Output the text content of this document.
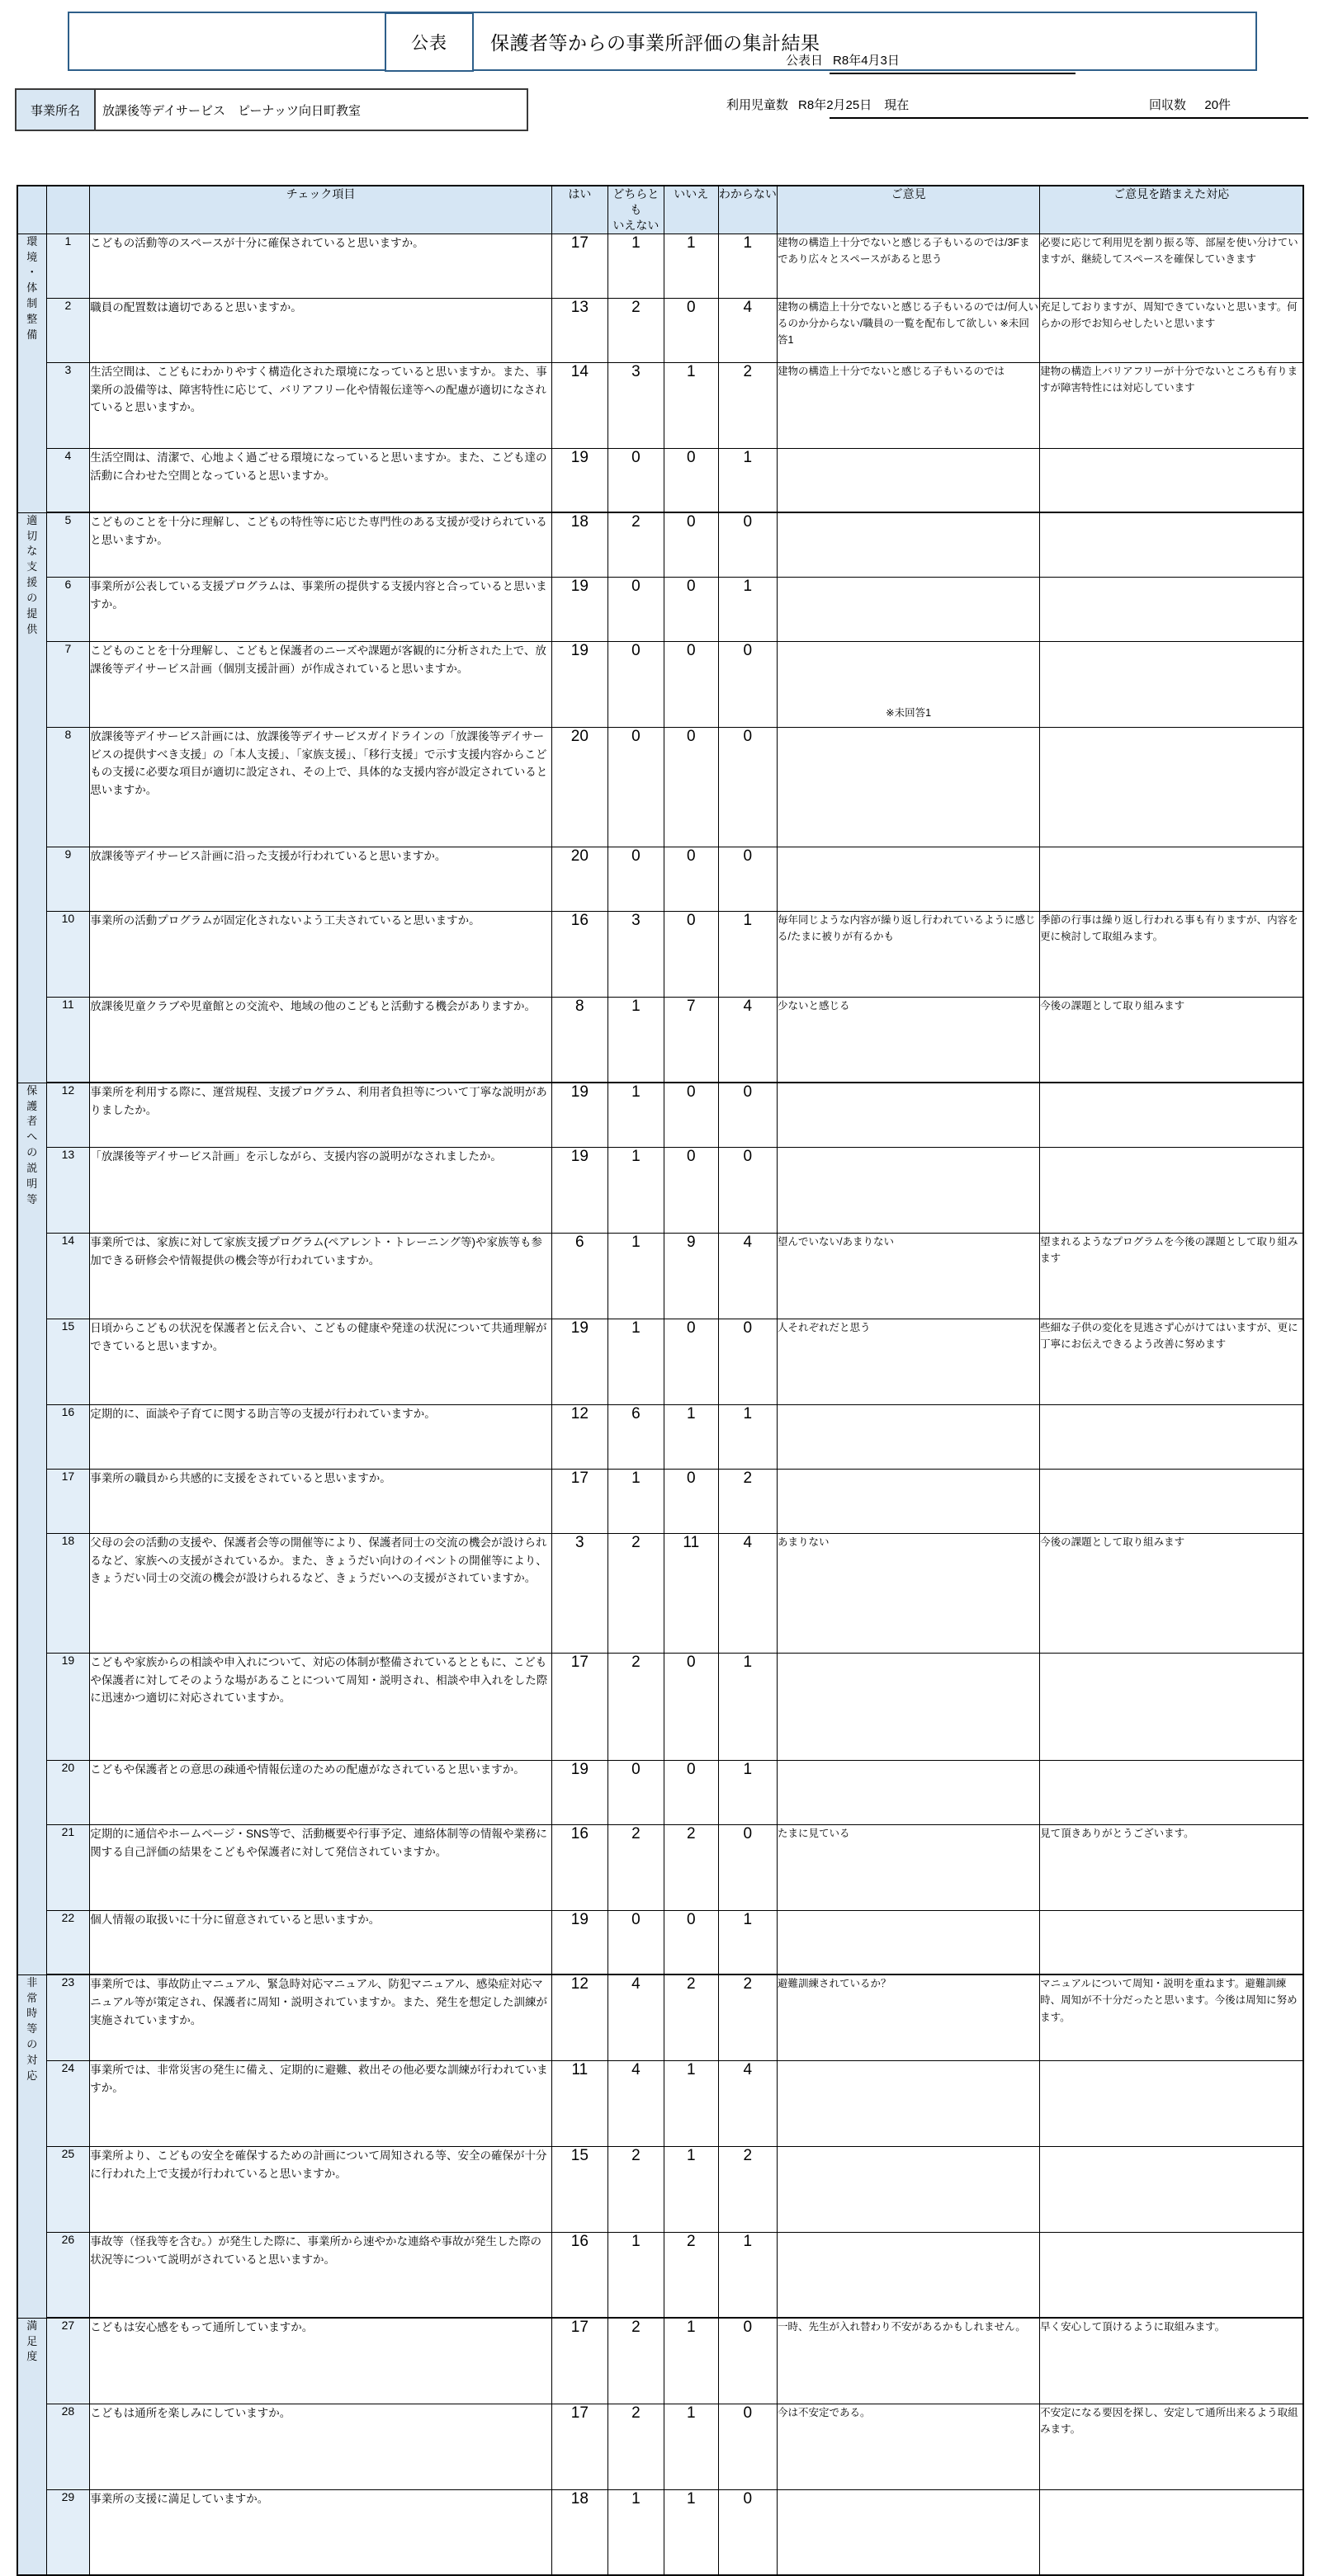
公表	保護者等からの事業所評価の集計結果
事業所名	放課後等デイサービス　ピーナッツ向日町教室
公表日 R8年4月3日
利用児童数 R8年2月25日　現在	回収数 20件
		チェック項目	はい	どちらとも
いえない	いいえ	わからない	ご意見	ご意見を踏まえた対応

環
境
・
体
制
整
備
	1	こどもの活動等のスペースが十分に確保されていると思いますか。	17	1	1	1	建物の構造上十分でないと感じる子もいるのでは/3Fまであり広々とスペースがあると思う	必要に応じて利用児を割り振る等、部屋を使い分けていますが、継続してスペースを確保していきます
	2	職員の配置数は適切であると思いますか。	13	2	0	4	建物の構造上十分でないと感じる子もいるのでは/何人いるのか分からない/職員の一覧を配布して欲しい ※未回答1	充足しておりますが、周知できていないと思います。何らかの形でお知らせしたいと思います
	3	生活空間は、こどもにわかりやすく構造化された環境になっていると思いますか。また、事業所の設備等は、障害特性に応じて、バリアフリー化や情報伝達等への配慮が適切になされていると思いますか。	14	3	1	2	建物の構造上十分でないと感じる子もいるのでは	建物の構造上バリアフリーが十分でないところも有りますが障害特性には対応しています
	4	生活空間は、清潔で、心地よく過ごせる環境になっていると思いますか。また、こども達の活動に合わせた空間となっていると思いますか。	19	0	0	1		

適
切
な
支
援
の
提
供
	5	こどものことを十分に理解し、こどもの特性等に応じた専門性のある支援が受けられていると思いますか。	18	2	0	0		
	6	事業所が公表している支援プログラムは、事業所の提供する支援内容と合っていると思いますか。	19	0	0	1		
	7	こどものことを十分理解し、こどもと保護者のニーズや課題が客観的に分析された上で、放課後等デイサービス計画（個別支援計画）が作成されていると思いますか。	19	0	0	0	※未回答1	
	8	放課後等デイサービス計画には、放課後等デイサービスガイドラインの「放課後等デイサービスの提供すべき支援」の「本人支援」、「家族支援」、「移行支援」で示す支援内容からこどもの支援に必要な項目が適切に設定され、その上で、具体的な支援内容が設定されていると思いますか。	20	0	0	0		
	9	放課後等デイサービス計画に沿った支援が行われていると思いますか。	20	0	0	0		
	10	事業所の活動プログラムが固定化されないよう工夫されていると思いますか。	16	3	0	1	毎年同じような内容が繰り返し行われているように感じる/たまに被りが有るかも	季節の行事は繰り返し行われる事も有りますが、内容を更に検討して取組みます。
	11	放課後児童クラブや児童館との交流や、地域の他のこどもと活動する機会がありますか。	8	1	7	4	少ないと感じる	今後の課題として取り組みます

保
護
者
へ
の
説
明
等
	12	事業所を利用する際に、運営規程、支援プログラム、利用者負担等について丁寧な説明がありましたか。	19	1	0	0		
	13	「放課後等デイサービス計画」を示しながら、支援内容の説明がなされましたか。	19	1	0	0		
	14	事業所では、家族に対して家族支援プログラム(ペアレント・トレーニング等)や家族等も参加できる研修会や情報提供の機会等が行われていますか。	6	1	9	4	望んでいない/あまりない	望まれるようなプログラムを今後の課題として取り組みます
	15	日頃からこどもの状況を保護者と伝え合い、こどもの健康や発達の状況について共通理解ができていると思いますか。	19	1	0	0	人それぞれだと思う	些細な子供の変化を見逃さず心がけてはいますが、更に丁寧にお伝えできるよう改善に努めます
	16	定期的に、面談や子育てに関する助言等の支援が行われていますか。	12	6	1	1		
	17	事業所の職員から共感的に支援をされていると思いますか。	17	1	0	2		
	18	父母の会の活動の支援や、保護者会等の開催等により、保護者同士の交流の機会が設けられるなど、家族への支援がされているか。また、きょうだい向けのイベントの開催等により、きょうだい同士の交流の機会が設けられるなど、きょうだいへの支援がされていますか。	3	2	11	4	あまりない	今後の課題として取り組みます
	19	こどもや家族からの相談や申入れについて、対応の体制が整備されているとともに、こどもや保護者に対してそのような場があることについて周知・説明され、相談や申入れをした際に迅速かつ適切に対応されていますか。	17	2	0	1		
	20	こどもや保護者との意思の疎通や情報伝達のための配慮がなされていると思いますか。	19	0	0	1		
	21	定期的に通信やホームページ・SNS等で、活動概要や行事予定、連絡体制等の情報や業務に関する自己評価の結果をこどもや保護者に対して発信されていますか。	16	2	2	0	たまに見ている	見て頂きありがとうございます。
	22	個人情報の取扱いに十分に留意されていると思いますか。	19	0	0	1		

非
常
時
等
の
対
応
	23	事業所では、事故防止マニュアル、緊急時対応マニュアル、防犯マニュアル、感染症対応マニュアル等が策定され、保護者に周知・説明されていますか。また、発生を想定した訓練が実施されていますか。	12	4	2	2	避難訓練されているか？	マニュアルについて周知・説明を重ねます。避難訓練時、周知が不十分だったと思います。今後は周知に努めます。
	24	事業所では、非常災害の発生に備え、定期的に避難、救出その他必要な訓練が行われていますか。	11	4	1	4		
	25	事業所より、こどもの安全を確保するための計画について周知される等、安全の確保が十分に行われた上で支援が行われていると思いますか。	15	2	1	2		
	26	事故等（怪我等を含む。）が発生した際に、事業所から速やかな連絡や事故が発生した際の状況等について説明がされていると思いますか。	16	1	2	1		

満
足
度	27	こどもは安心感をもって通所していますか。	17	2	1	0	一時、先生が入れ替わり不安があるかもしれません。	早く安心して頂けるように取組みます。
	28	こどもは通所を楽しみにしていますか。	17	2	1	0	今は不安定である。	不安定になる要因を探し、安定して通所出来るよう取組みます。
	29	事業所の支援に満足していますか。	18	1	1	0		
